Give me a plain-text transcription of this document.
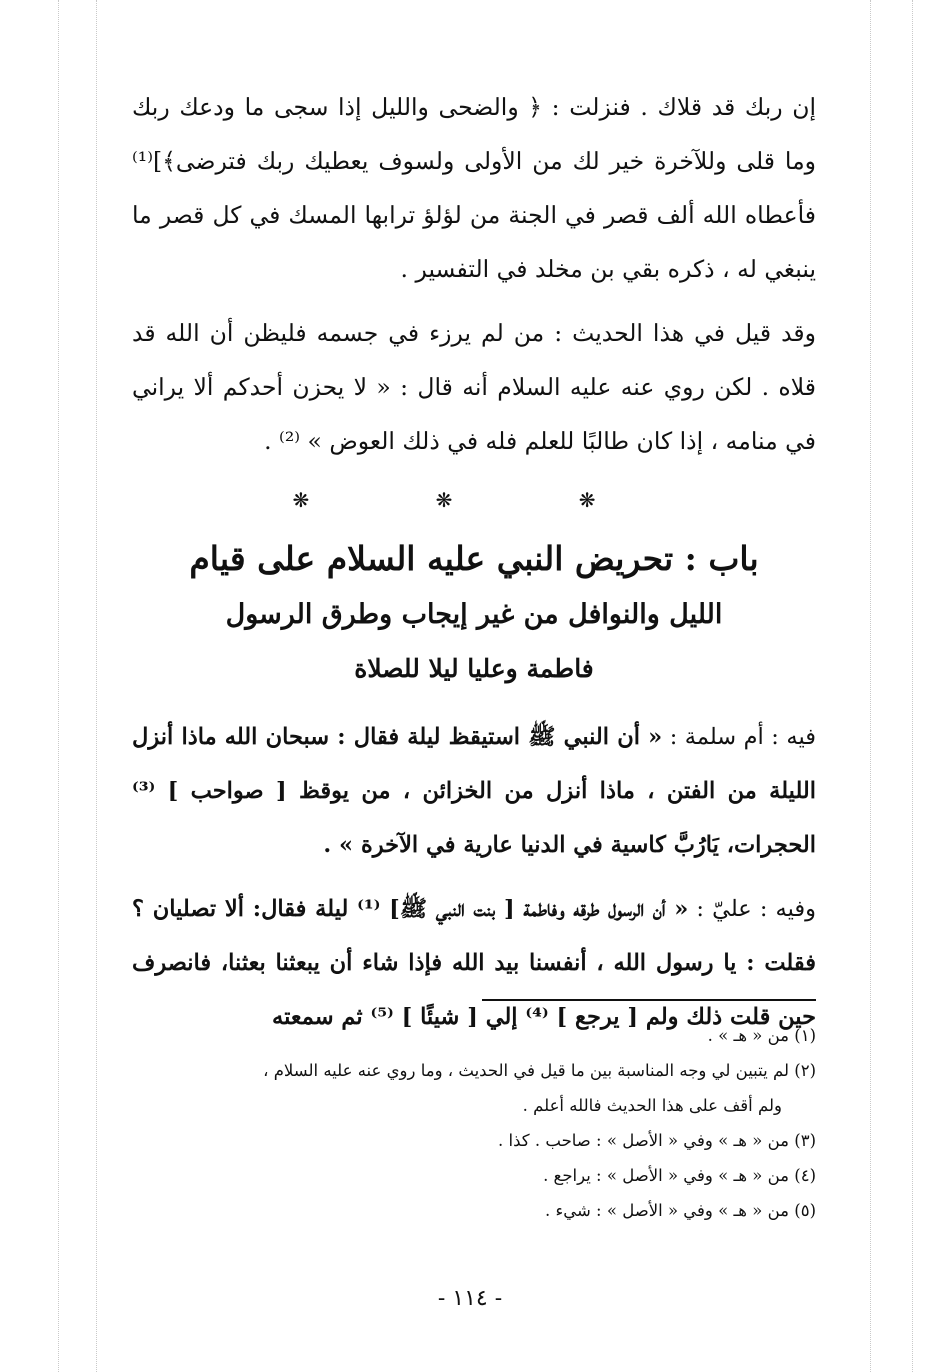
إن ربك قد قلاك . فنزلت : ﴿ والضحى والليل إذا سجى ما ودعك ربك وما قلى وللآخرة خير لك من الأولى ولسوف يعطيك ربك فترضى﴾]⁽¹⁾ فأعطاه الله ألف قصر في الجنة من لؤلؤ ترابها المسك في كل قصر ما ينبغي له ، ذكره بقي بن مخلد في التفسير .

وقد قيل في هذا الحديث : من لم يرزء في جسمه فليظن أن الله قد قلاه . لكن روي عنه عليه السلام أنه قال : « لا يحزن أحدكم ألا يراني في منامه ، إذا كان طالبًا للعلم فله في ذلك العوض » ⁽²⁾ .

❋ ❋ ❋
باب : تحريض النبي عليه السلام على قيام
الليل والنوافل من غير إيجاب وطرق الرسول
فاطمة وعليا ليلا للصلاة

فيه : أم سلمة : « أن النبي ﷺ استيقظ ليلة فقال : سبحان الله ماذا أنزل الليلة من الفتن ، ماذا أنزل من الخزائن ، من يوقظ [ صواحب ] ⁽³⁾ الحجرات، يَارُبَّ كاسية في الدنيا عارية في الآخرة » .

وفيه : عليّ : « أن الرسول طرقه وفاطمة [ بنت النبي ﷺ] ⁽¹⁾ ليلة فقال: ألا تصليان ؟ فقلت : يا رسول الله ، أنفسنا بيد الله فإذا شاء أن يبعثنا بعثنا، فانصرف حين قلت ذلك ولم [ يرجع ] ⁽⁴⁾ إلي [ شيئًا ] ⁽⁵⁾ ثم سمعته

(١) من « هـ » .
(٢) لم يتبين لي وجه المناسبة بين ما قيل في الحديث ، وما روي عنه عليه السلام ،
ولم أقف على هذا الحديث فالله أعلم .
(٣) من « هـ » وفي « الأصل » : صاحب . كذا .
(٤) من « هـ » وفي « الأصل » : يراجع .
(٥) من « هـ » وفي « الأصل » : شيء .
- ١١٤ -
